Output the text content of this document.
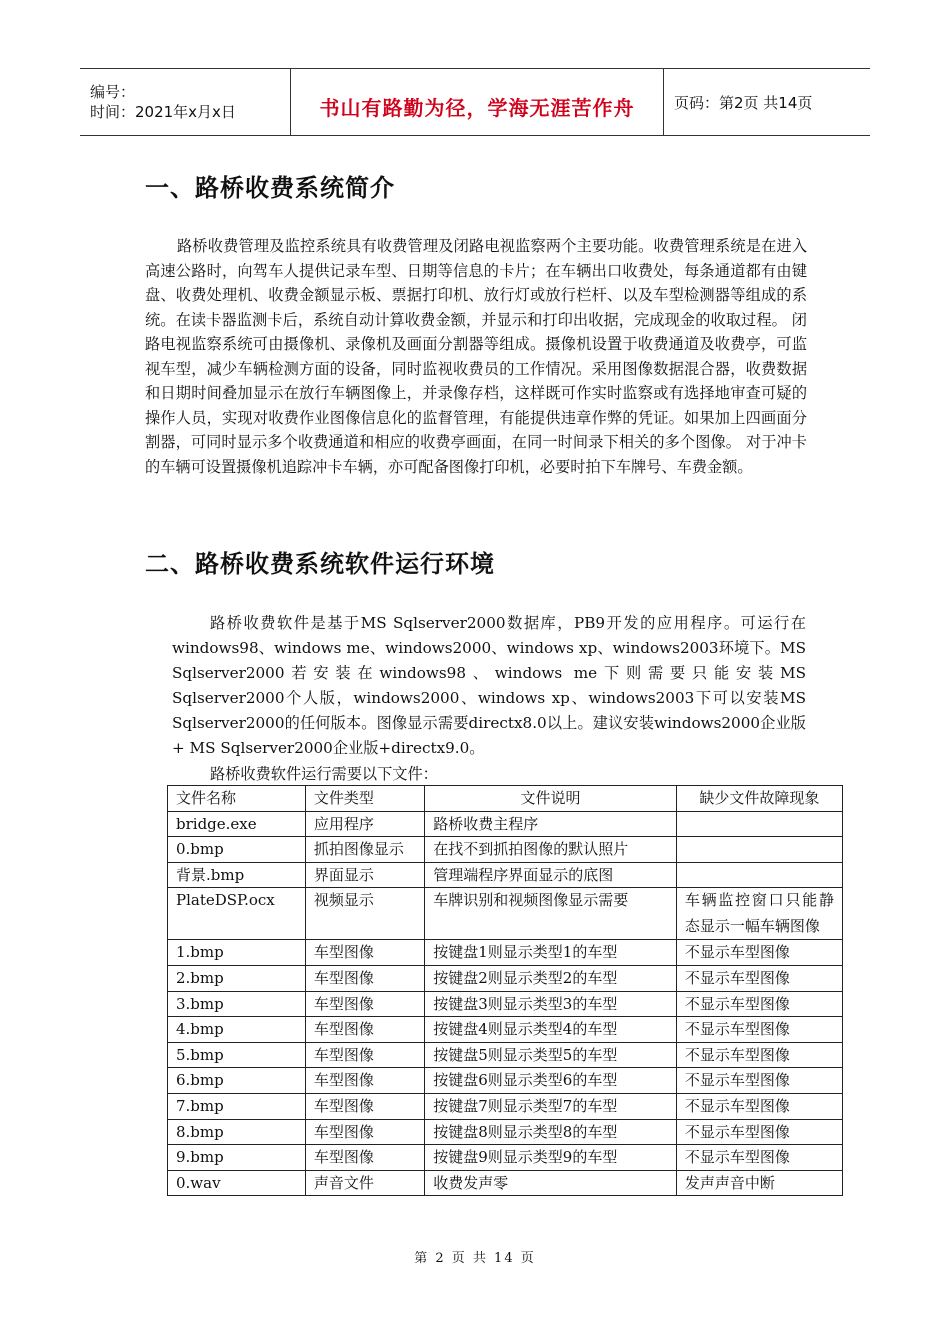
编号：
时间：2021年x月x日	书山有路勤为径，学海无涯苦作舟	页码：第2页 共14页
一、路桥收费系统简介

路桥收费管理及监控系统具有收费管理及闭路电视监察两个主要功能。收费管理系统是在进入高速公路时，向驾车人提供记录车型、日期等信息的卡片；在车辆出口收费处，每条通道都有由键盘、收费处理机、收费金额显示板、票据打印机、放行灯或放行栏杆、以及车型检测器等组成的系统。在读卡器监测卡后，系统自动计算收费金额，并显示和打印出收据，完成现金的收取过程。 闭路电视监察系统可由摄像机、录像机及画面分割器等组成。摄像机设置于收费通道及收费亭，可监视车型，减少车辆检测方面的设备，同时监视收费员的工作情况。采用图像数据混合器，收费数据和日期时间叠加显示在放行车辆图像上，并录像存档，这样既可作实时监察或有选择地审查可疑的操作人员，实现对收费作业图像信息化的监督管理，有能提供违章作弊的凭证。如果加上四画面分割器，可同时显示多个收费通道和相应的收费亭画面，在同一时间录下相关的多个图像。 对于冲卡的车辆可设置摄像机追踪冲卡车辆，亦可配备图像打印机，必要时拍下车牌号、车费金额。

二、路桥收费系统软件运行环境

路桥收费软件是基于MS Sqlserver2000数据库，PB9开发的应用程序。可运行在windows98、windows me、windows2000、windows xp、windows2003环境下。MS Sqlserver2000若安装在windows98、windows me下则需要只能安装MS Sqlserver2000个人版，windows2000、windows xp、windows2003下可以安装MS Sqlserver2000的任何版本。图像显示需要directx8.0以上。建议安装windows2000企业版+ MS Sqlserver2000企业版+directx9.0。

路桥收费软件运行需要以下文件：

文件名称	文件类型	文件说明	缺少文件故障现象
bridge.exe	应用程序	路桥收费主程序	
0.bmp	抓拍图像显示	在找不到抓拍图像的默认照片	
背景.bmp	界面显示	管理端程序界面显示的底图	
PlateDSP.ocx	视频显示	车牌识别和视频图像显示需要	车辆监控窗口只能静态显示一幅车辆图像
1.bmp	车型图像	按键盘1则显示类型1的车型	不显示车型图像
2.bmp	车型图像	按键盘2则显示类型2的车型	不显示车型图像
3.bmp	车型图像	按键盘3则显示类型3的车型	不显示车型图像
4.bmp	车型图像	按键盘4则显示类型4的车型	不显示车型图像
5.bmp	车型图像	按键盘5则显示类型5的车型	不显示车型图像
6.bmp	车型图像	按键盘6则显示类型6的车型	不显示车型图像
7.bmp	车型图像	按键盘7则显示类型7的车型	不显示车型图像
8.bmp	车型图像	按键盘8则显示类型8的车型	不显示车型图像
9.bmp	车型图像	按键盘9则显示类型9的车型	不显示车型图像
0.wav	声音文件	收费发声零	发声声音中断
第 2 页 共 14 页
